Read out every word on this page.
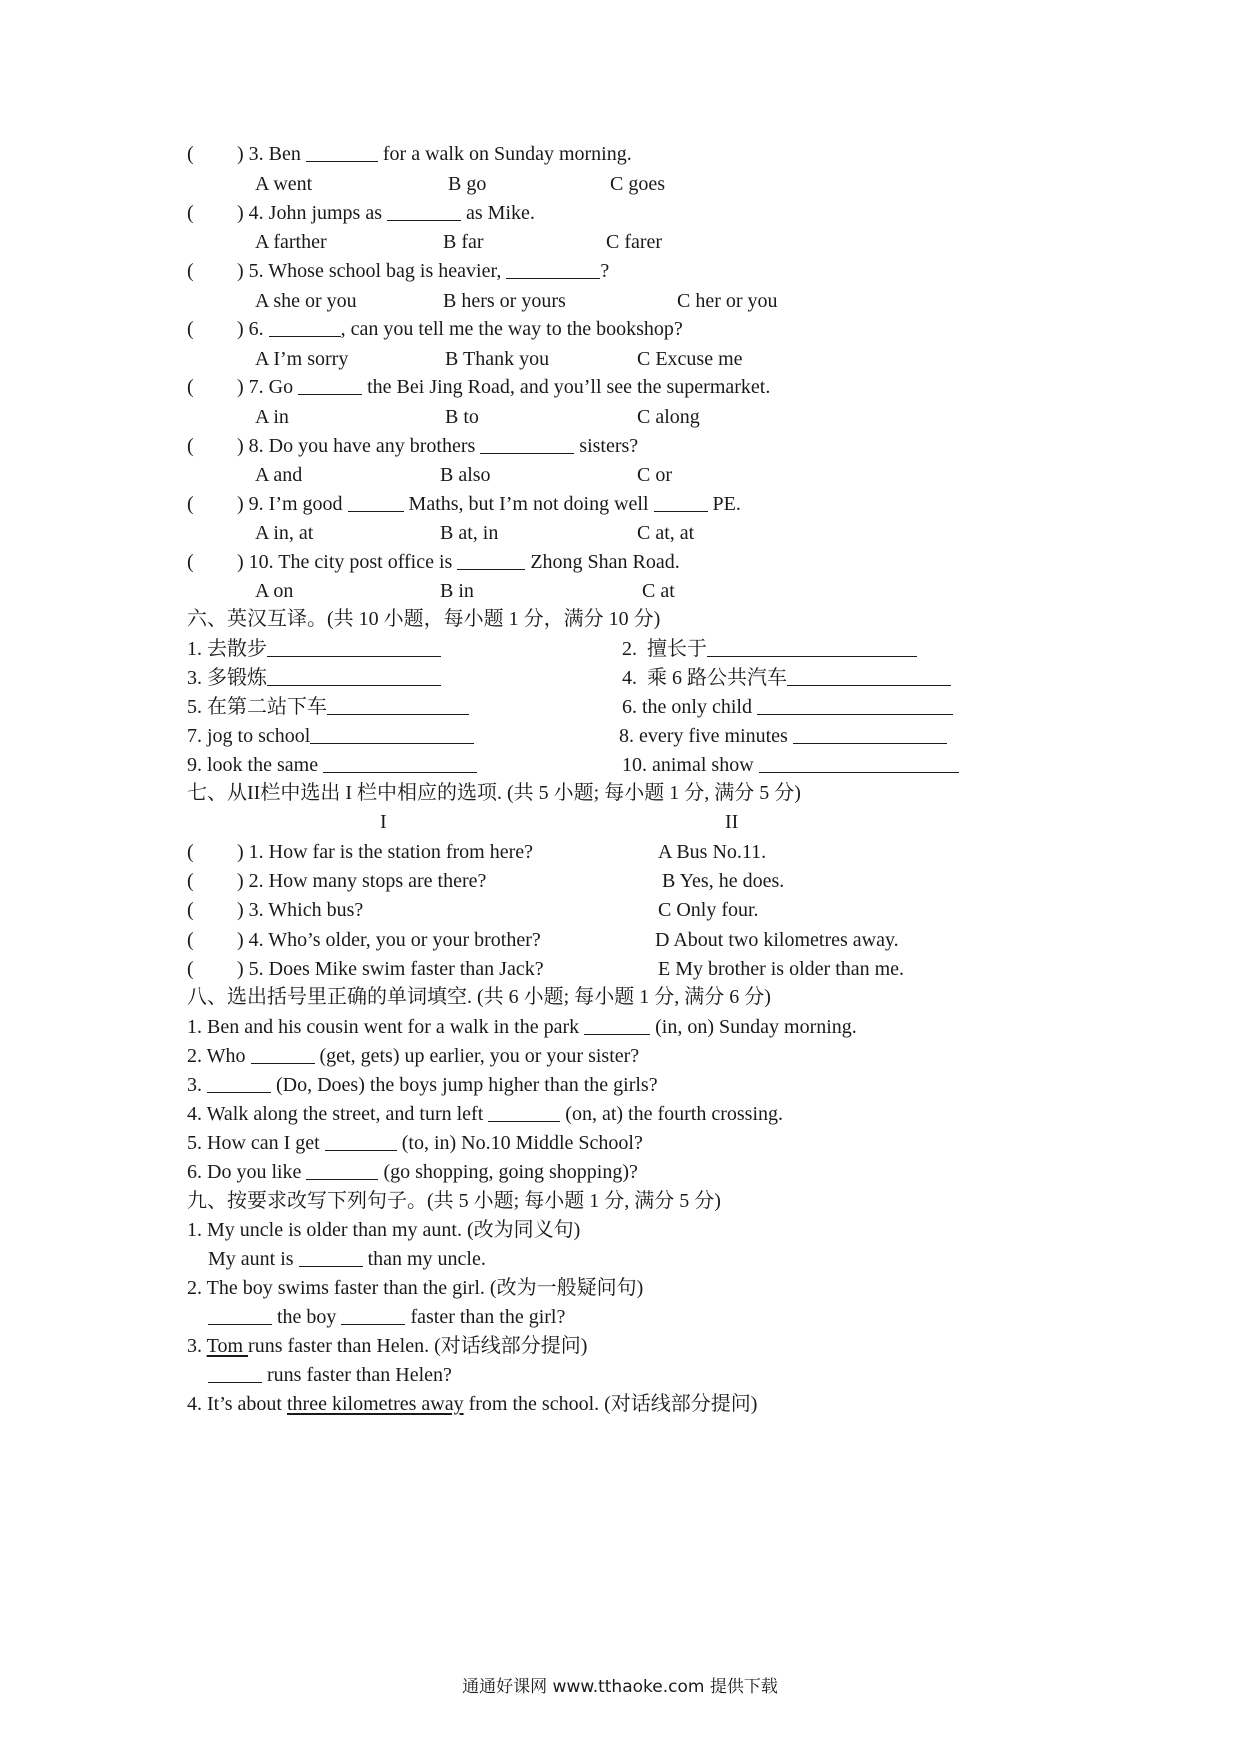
( ) 3. Ben	for a walk on Sunday morning.
A went	B go	C goes
( ) 4. John jumps as	as Mike.
A farther	B far	C farer
( ) 5. Whose school bag is heavier,	?
A she or you	B hers or yours	C her or you
( ) 6.	, can you tell me the way to the bookshop?
A I’m sorry	B Thank you	C Excuse me
( ) 7. Go	the Bei Jing Road, and you’ll see the supermarket.
A in	B to	C along
( ) 8. Do you have any brothers	sisters?
A and	B also	C or
( ) 9. I’m good	Maths, but I’m not doing well	PE.
A in, at	B at, in	C at, at
( ) 10. The city post office is	Zhong Shan Road.
A on	B in	C at
六、英汉互译。(共 10 小题，每小题 1 分，满分 10 分)
1. 去散步	2.  擅长于
3. 多锻炼	4.  乘 6 路公共汽车
5. 在第二站下车	6. the only child
7. jog to school	8. every five minutes
9. look the same	10. animal show
七、从II栏中选出 I 栏中相应的选项. (共 5 小题; 每小题 1 分, 满分 5 分)
I	II
( ) 1. How far is the station from here?	A Bus No.11.
( ) 2. How many stops are there?	B Yes, he does.
( ) 3. Which bus?	C Only four.
( ) 4. Who’s older, you or your brother?	D About two kilometres away.
( ) 5. Does Mike swim faster than Jack?	E My brother is older than me.
八、选出括号里正确的单词填空. (共 6 小题; 每小题 1 分, 满分 6 分)
1. Ben and his cousin went for a walk in the park	(in, on) Sunday morning.
2. Who	(get, gets) up earlier, you or your sister?
3.	(Do, Does) the boys jump higher than the girls?
4. Walk along the street, and turn left	(on, at) the fourth crossing.
5. How can I get	(to, in) No.10 Middle School?
6. Do you like	(go shopping, going shopping)?
九、按要求改写下列句子。(共 5 小题; 每小题 1 分, 满分 5 分)
1. My uncle is older than my aunt. (改为同义句)
My aunt is	than my uncle.
2. The boy swims faster than the girl. (改为一般疑问句)
the boy	faster than the girl?
3. Tom runs faster than Helen. (对话线部分提问)
runs faster than Helen?
4. It’s about three kilometres away from the school. (对话线部分提问)
通通好课网 www.tthaoke.com 提供下载
